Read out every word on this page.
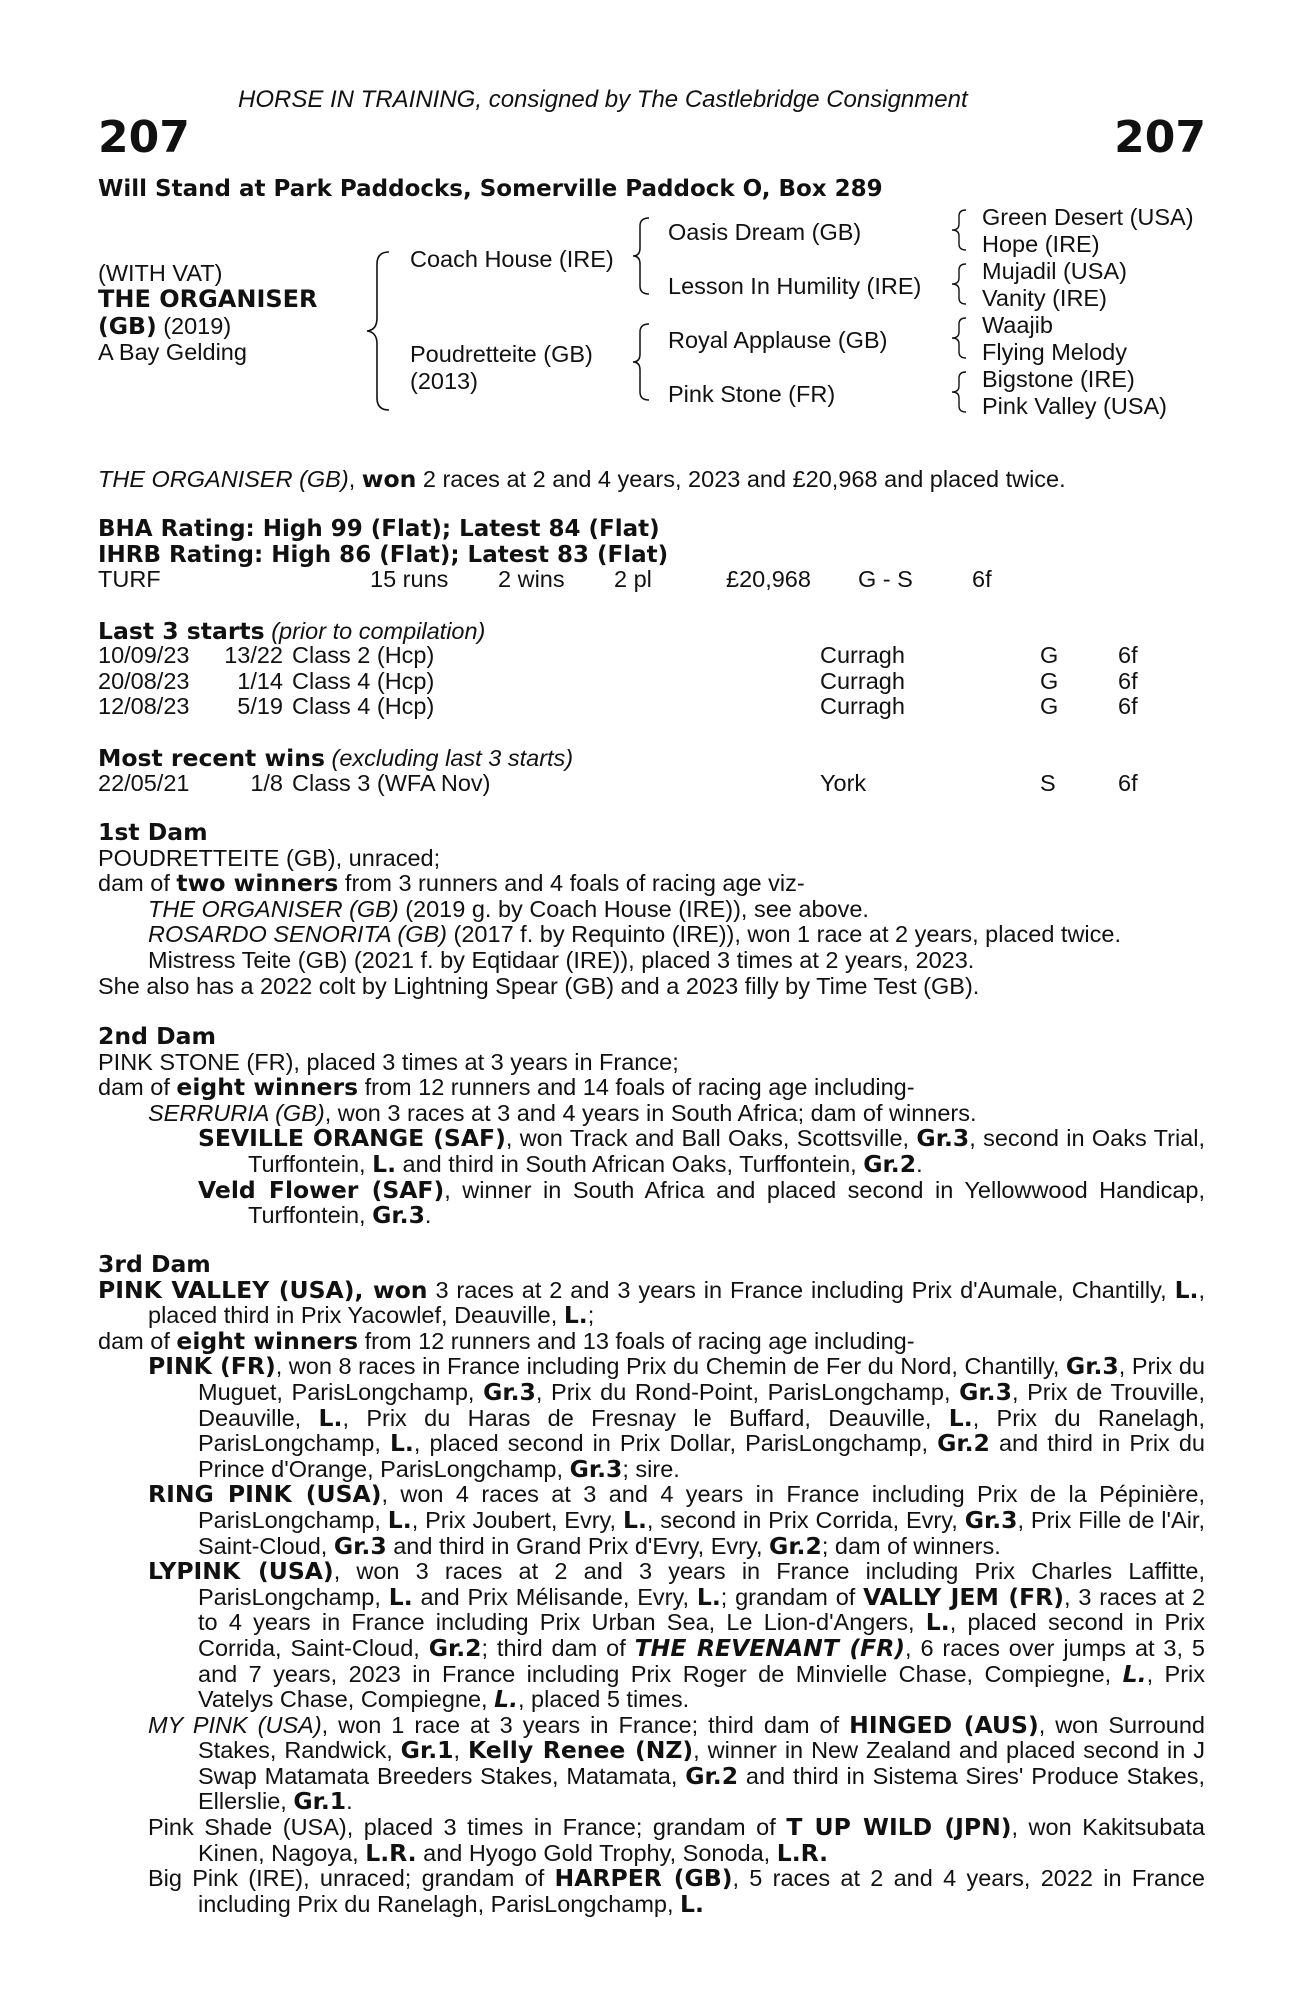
HORSE IN TRAINING, consigned by The Castlebridge Consignment
207	207
Will Stand at Park Paddocks, Somerville Paddock O, Box 289
(WITH VAT)
THE ORGANISER
(GB) (2019)
A Bay Gelding
Coach House (IRE)
Poudretteite (GB)
(2013)
Oasis Dream (GB)
Lesson In Humility (IRE)
Royal Applause (GB)
Pink Stone (FR)
Green Desert (USA)
Hope (IRE)
Mujadil (USA)
Vanity (IRE)
Waajib
Flying Melody
Bigstone (IRE)
Pink Valley (USA)
THE ORGANISER (GB), won 2 races at 2 and 4 years, 2023 and £20,968 and placed twice.
BHA Rating: High 99 (Flat); Latest 84 (Flat)
IHRB Rating: High 86 (Flat); Latest 83 (Flat)
TURF	15 runs 2 wins 2 pl	£20,968 G - S	6f
Last 3 starts (prior to compilation)
10/09/23 13/22 Class 2 (Hcp)	Curragh	G	6f
20/08/23 1/14 Class 4 (Hcp)	Curragh	G	6f
12/08/23 5/19 Class 4 (Hcp)	Curragh	G	6f
Most recent wins (excluding last 3 starts)
22/05/21	1/8 Class 3 (WFA Nov)	York	S	6f

1st Dam

POUDRETTEITE (GB), unraced;

dam of two winners from 3 runners and 4 foals of racing age viz-

THE ORGANISER (GB) (2019 g. by Coach House (IRE)), see above.

ROSARDO SENORITA (GB) (2017 f. by Requinto (IRE)), won 1 race at 2 years, placed twice.

Mistress Teite (GB) (2021 f. by Eqtidaar (IRE)), placed 3 times at 2 years, 2023.

She also has a 2022 colt by Lightning Spear (GB) and a 2023 filly by Time Test (GB).

2nd Dam

PINK STONE (FR), placed 3 times at 3 years in France;

dam of eight winners from 12 runners and 14 foals of racing age including-

SERRURIA (GB), won 3 races at 3 and 4 years in South Africa; dam of winners.

SEVILLE ORANGE (SAF), won Track and Ball Oaks, Scottsville, Gr.3, second in Oaks Trial, Turffontein, L. and third in South African Oaks, Turffontein, Gr.2.

Veld Flower (SAF), winner in South Africa and placed second in Yellowwood Handicap, Turffontein, Gr.3.

3rd Dam

PINK VALLEY (USA), won 3 races at 2 and 3 years in France including Prix d'Aumale, Chantilly, L., placed third in Prix Yacowlef, Deauville, L.;

dam of eight winners from 12 runners and 13 foals of racing age including-

PINK (FR), won 8 races in France including Prix du Chemin de Fer du Nord, Chantilly, Gr.3, Prix du Muguet, ParisLongchamp, Gr.3, Prix du Rond-Point, ParisLongchamp, Gr.3, Prix de Trouville, Deauville, L., Prix du Haras de Fresnay le Buffard, Deauville, L., Prix du Ranelagh, ParisLongchamp, L., placed second in Prix Dollar, ParisLongchamp, Gr.2 and third in Prix du Prince d'Orange, ParisLongchamp, Gr.3; sire.

RING PINK (USA), won 4 races at 3 and 4 years in France including Prix de la Pépinière, ParisLongchamp, L., Prix Joubert, Evry, L., second in Prix Corrida, Evry, Gr.3, Prix Fille de l'Air, Saint-Cloud, Gr.3 and third in Grand Prix d'Evry, Evry, Gr.2; dam of winners.

LYPINK (USA), won 3 races at 2 and 3 years in France including Prix Charles Laffitte, ParisLongchamp, L. and Prix Mélisande, Evry, L.; grandam of VALLY JEM (FR), 3 races at 2 to 4 years in France including Prix Urban Sea, Le Lion-d'Angers, L., placed second in Prix Corrida, Saint-Cloud, Gr.2; third dam of THE REVENANT (FR), 6 races over jumps at 3, 5 and 7 years, 2023 in France including Prix Roger de Minvielle Chase, Compiegne, L., Prix Vatelys Chase, Compiegne, L., placed 5 times.

MY PINK (USA), won 1 race at 3 years in France; third dam of HINGED (AUS), won Surround Stakes, Randwick, Gr.1, Kelly Renee (NZ), winner in New Zealand and placed second in J Swap Matamata Breeders Stakes, Matamata, Gr.2 and third in Sistema Sires' Produce Stakes, Ellerslie, Gr.1.

Pink Shade (USA), placed 3 times in France; grandam of T UP WILD (JPN), won Kakitsubata Kinen, Nagoya, L.R. and Hyogo Gold Trophy, Sonoda, L.R.

Big Pink (IRE), unraced; grandam of HARPER (GB), 5 races at 2 and 4 years, 2022 in France including Prix du Ranelagh, ParisLongchamp, L.
